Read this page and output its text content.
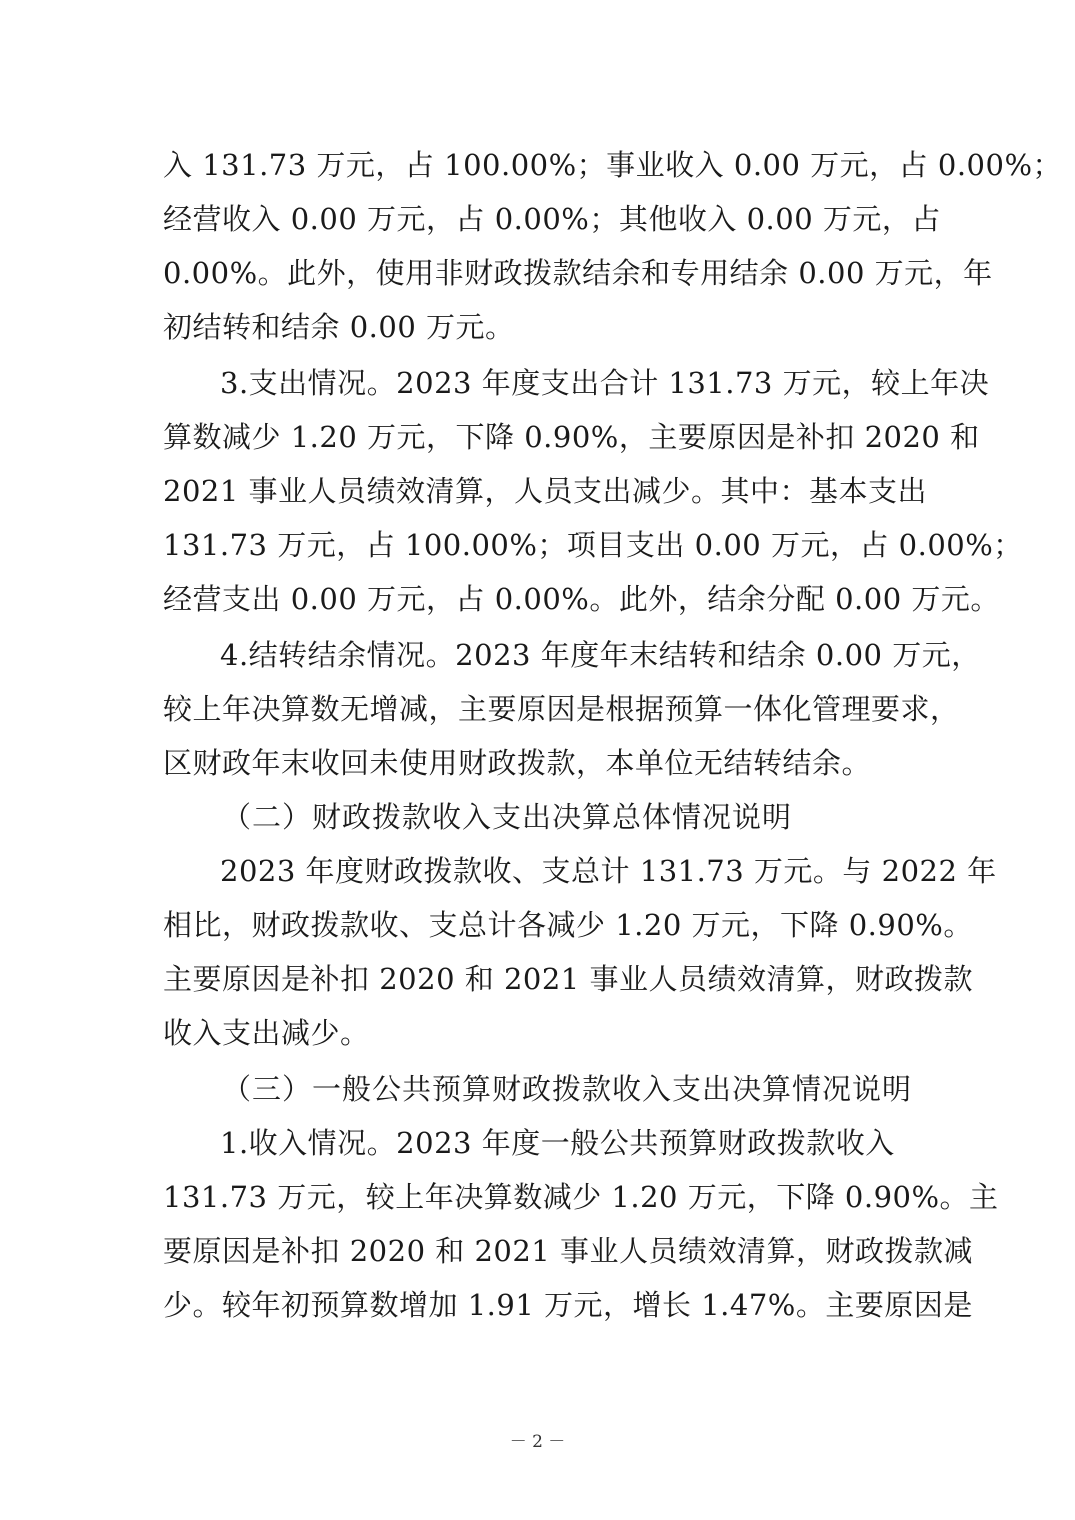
入 131.73 万元，占 100.00%；事业收入 0.00 万元，占 0.00%；
经营收入 0.00 万元，占 0.00%；其他收入 0.00 万元，占
0.00%。此外，使用非财政拨款结余和专用结余 0.00 万元，年
初结转和结余 0.00 万元。
3.支出情况。2023 年度支出合计 131.73 万元，较上年决
算数减少 1.20 万元，下降 0.90%，主要原因是补扣 2020 和
2021 事业人员绩效清算，人员支出减少。其中：基本支出
131.73 万元，占 100.00%；项目支出 0.00 万元，占 0.00%；
经营支出 0.00 万元，占 0.00%。此外，结余分配 0.00 万元。
4.结转结余情况。2023 年度年末结转和结余 0.00 万元，
较上年决算数无增减，主要原因是根据预算一体化管理要求，
区财政年末收回未使用财政拨款，本单位无结转结余。
（二）财政拨款收入支出决算总体情况说明
2023 年度财政拨款收、支总计 131.73 万元。与 2022 年
相比，财政拨款收、支总计各减少 1.20 万元，下降 0.90%。
主要原因是补扣 2020 和 2021 事业人员绩效清算，财政拨款
收入支出减少。
（三）一般公共预算财政拨款收入支出决算情况说明
1.收入情况。2023 年度一般公共预算财政拨款收入
131.73 万元，较上年决算数减少 1.20 万元，下降 0.90%。主
要原因是补扣 2020 和 2021 事业人员绩效清算，财政拨款减
少。较年初预算数增加 1.91 万元，增长 1.47%。主要原因是
－ 2 －
